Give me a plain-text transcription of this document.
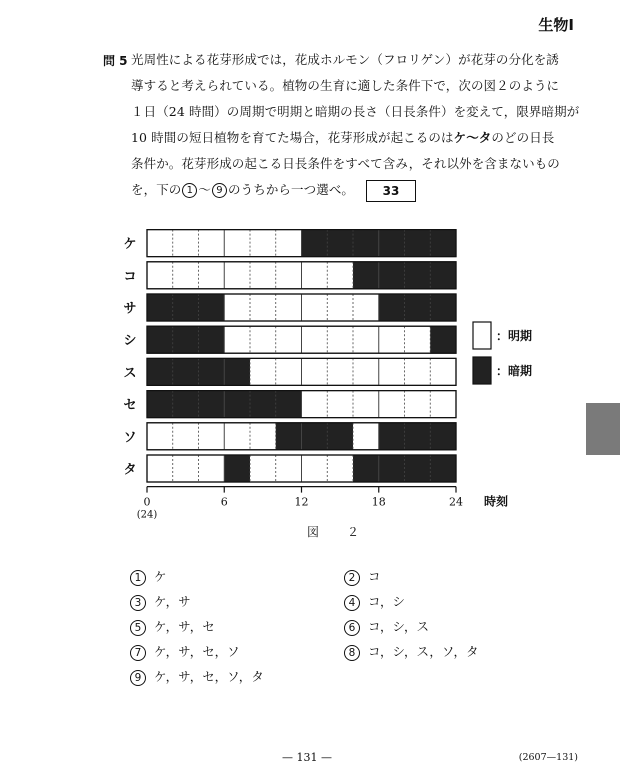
生物Ⅰ
問 5 光周性による花芽形成では，花成ホルモン（フロリゲン）が花芽の分化を誘
導すると考えられている。植物の生育に適した条件下で，次の図２のように
１日（24 時間）の周期で明期と暗期の長さ（日長条件）を変えて，限界暗期が
10 時間の短日植物を育てた場合，花芽形成が起こるのはケ〜タのどの日長
条件か。花芽形成の起こる日長条件をすべて含み，それ以外を含まないもの
を，下の 1 〜 9 のうちから一つ選べ。 33
ケ
コ
サ
シ
ス
セ
ソ
タ
0	6	12	18	24
(24)
時刻
：明期
：暗期
図　２
1 ケ	2 コ
3 ケ，サ	4 コ，シ
5 ケ，サ，セ	6 コ，シ，ス
7 ケ，サ，セ，ソ	8 コ，シ，ス，ソ，タ
9 ケ，サ，セ，ソ，タ
— 131 —	(2607—131)
